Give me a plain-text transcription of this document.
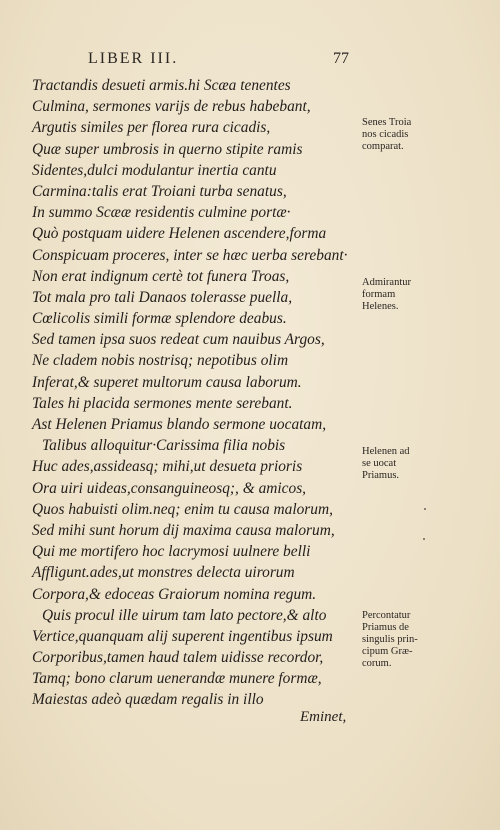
LIBER III.	77
Tractandis desueti armis.hi Scæa tenentes
Culmina, sermones varijs de rebus habebant,
Argutis similes per florea rura cicadis,
Quæ super umbrosis in querno stipite ramis
Sidentes,dulci modulantur inertia cantu
Carmina:talis erat Troiani turba senatus,
In summo Scææ residentis culmine portæ·
Quò postquam uidere Helenen ascendere,forma
Conspicuam proceres, inter se hæc uerba serebant·
Non erat indignum certè tot funera Troas,
Tot mala pro tali Danaos tolerasse puella,
Cœlicolis simili formæ splendore deabus.
Sed tamen ipsa suos redeat cum nauibus Argos,
Ne cladem nobis nostrisq; nepotibus olim
Inferat,& superet multorum causa laborum.
Tales hi placida sermones mente serebant.
Ast Helenen Priamus blando sermone uocatam,
Talibus alloquitur·Carissima filia nobis
Huc ades,assideasq; mihi,ut desueta prioris
Ora uiri uideas,consanguineosq;, & amicos,
Quos habuisti olim.neq; enim tu causa malorum,
Sed mihi sunt horum dij maxima causa malorum,
Qui me mortifero hoc lacrymosi uulnere belli
Affligunt.ades,ut monstres delecta uirorum
Corpora,& edoceas Graiorum nomina regum.
Quis procul ille uirum tam lato pectore,& alto
Vertice,quanquam alij superent ingentibus ipsum
Corporibus,tamen haud talem uidisse recordor,
Tamq; bono clarum uenerandæ munere formæ,
Maiestas adeò quædam regalis in illo
Senes Troia
nos cicadis
comparat.
Admirantur
formam
Helenes.
Helenen ad
se uocat
Priamus.
Percontatur
Priamus de
singulis prin-
cipum Græ-
corum.
Eminet,
